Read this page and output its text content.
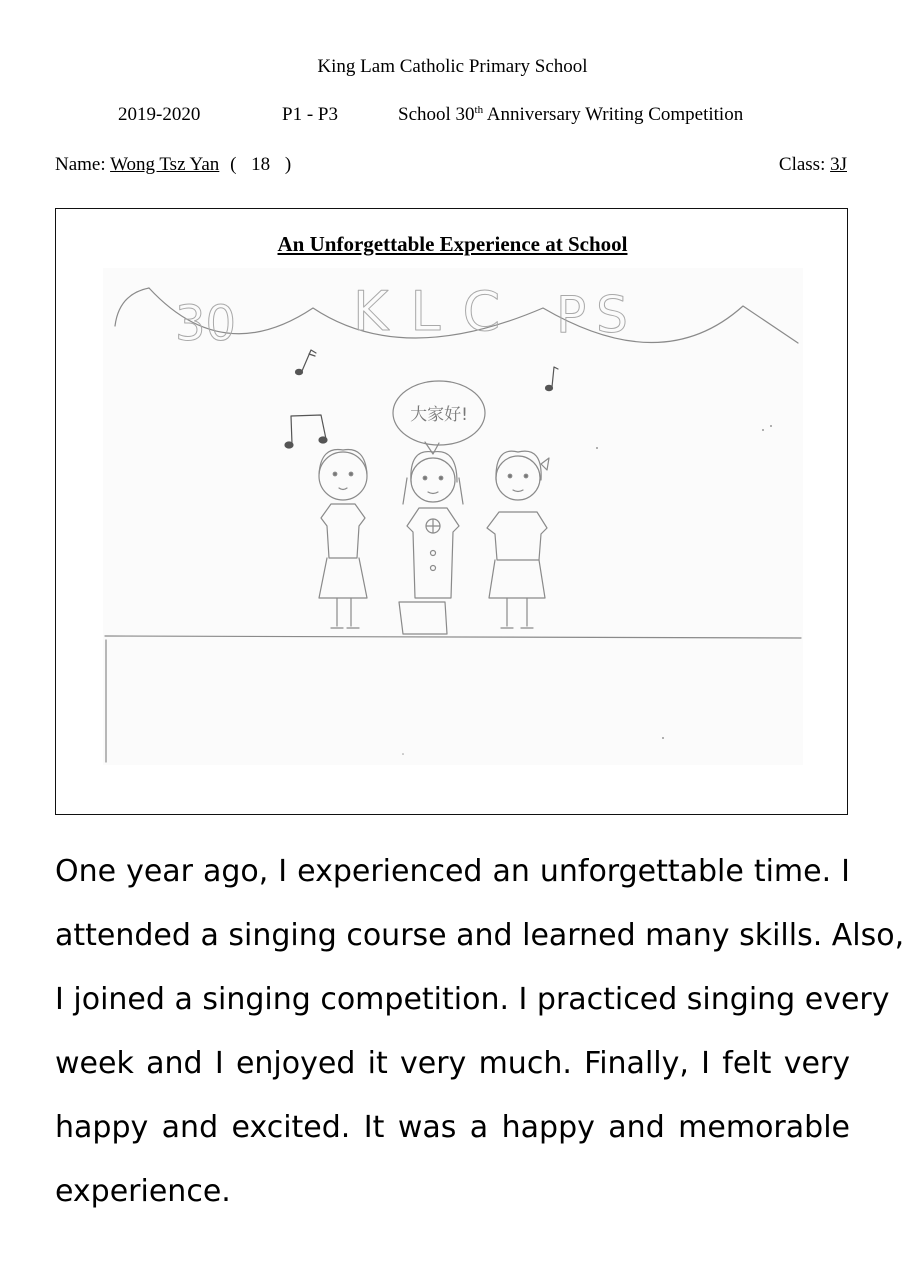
King Lam Catholic Primary School
2019-2020	P1 - P3	School 30th Anniversary Writing Competition
Name: Wong Tsz Yan ( 18 )	Class: 3J
An Unforgettable Experience at School
30 KLC PS
大家好!
One year ago, I experienced an unforgettable time. I
attended a singing course and learned many skills. Also,
I joined a singing competition. I practiced singing every
week and I enjoyed it very much. Finally, I felt very
happy and excited. It was a happy and memorable
experience.
